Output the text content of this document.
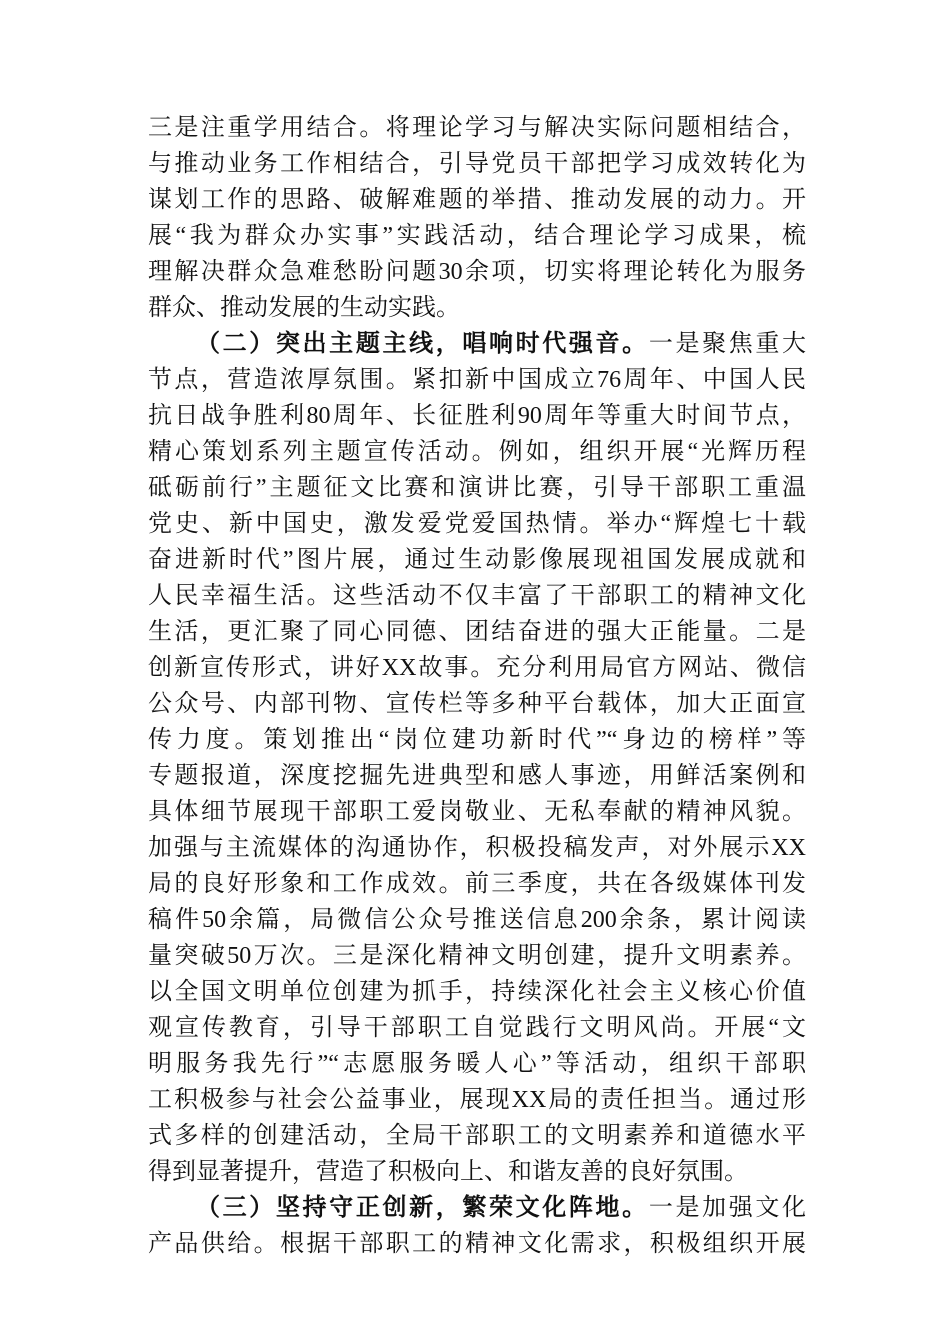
三是注重学用结合。将理论学习与解决实际问题相结合，
与推动业务工作相结合，引导党员干部把学习成效转化为
谋划工作的思路、破解难题的举措、推动发展的动力。开
展“我为群众办实事”实践活动，结合理论学习成果，梳
理解决群众急难愁盼问题30余项，切实将理论转化为服务
群众、推动发展的生动实践。
（二）突出主题主线，唱响时代强音。一是聚焦重大
节点，营造浓厚氛围。紧扣新中国成立76周年、中国人民
抗日战争胜利80周年、长征胜利90周年等重大时间节点，
精心策划系列主题宣传活动。例如，组织开展“光辉历程
砥砺前行”主题征文比赛和演讲比赛，引导干部职工重温
党史、新中国史，激发爱党爱国热情。举办“辉煌七十载
奋进新时代”图片展，通过生动影像展现祖国发展成就和
人民幸福生活。这些活动不仅丰富了干部职工的精神文化
生活，更汇聚了同心同德、团结奋进的强大正能量。二是
创新宣传形式，讲好XX故事。充分利用局官方网站、微信
公众号、内部刊物、宣传栏等多种平台载体，加大正面宣
传力度。策划推出“岗位建功新时代”“身边的榜样”等
专题报道，深度挖掘先进典型和感人事迹，用鲜活案例和
具体细节展现干部职工爱岗敬业、无私奉献的精神风貌。
加强与主流媒体的沟通协作，积极投稿发声，对外展示XX
局的良好形象和工作成效。前三季度，共在各级媒体刊发
稿件50余篇，局微信公众号推送信息200余条，累计阅读
量突破50万次。三是深化精神文明创建，提升文明素养。
以全国文明单位创建为抓手，持续深化社会主义核心价值
观宣传教育，引导干部职工自觉践行文明风尚。开展“文
明服务我先行”“志愿服务暖人心”等活动，组织干部职
工积极参与社会公益事业，展现XX局的责任担当。通过形
式多样的创建活动，全局干部职工的文明素养和道德水平
得到显著提升，营造了积极向上、和谐友善的良好氛围。
（三）坚持守正创新，繁荣文化阵地。一是加强文化
产品供给。根据干部职工的精神文化需求，积极组织开展
